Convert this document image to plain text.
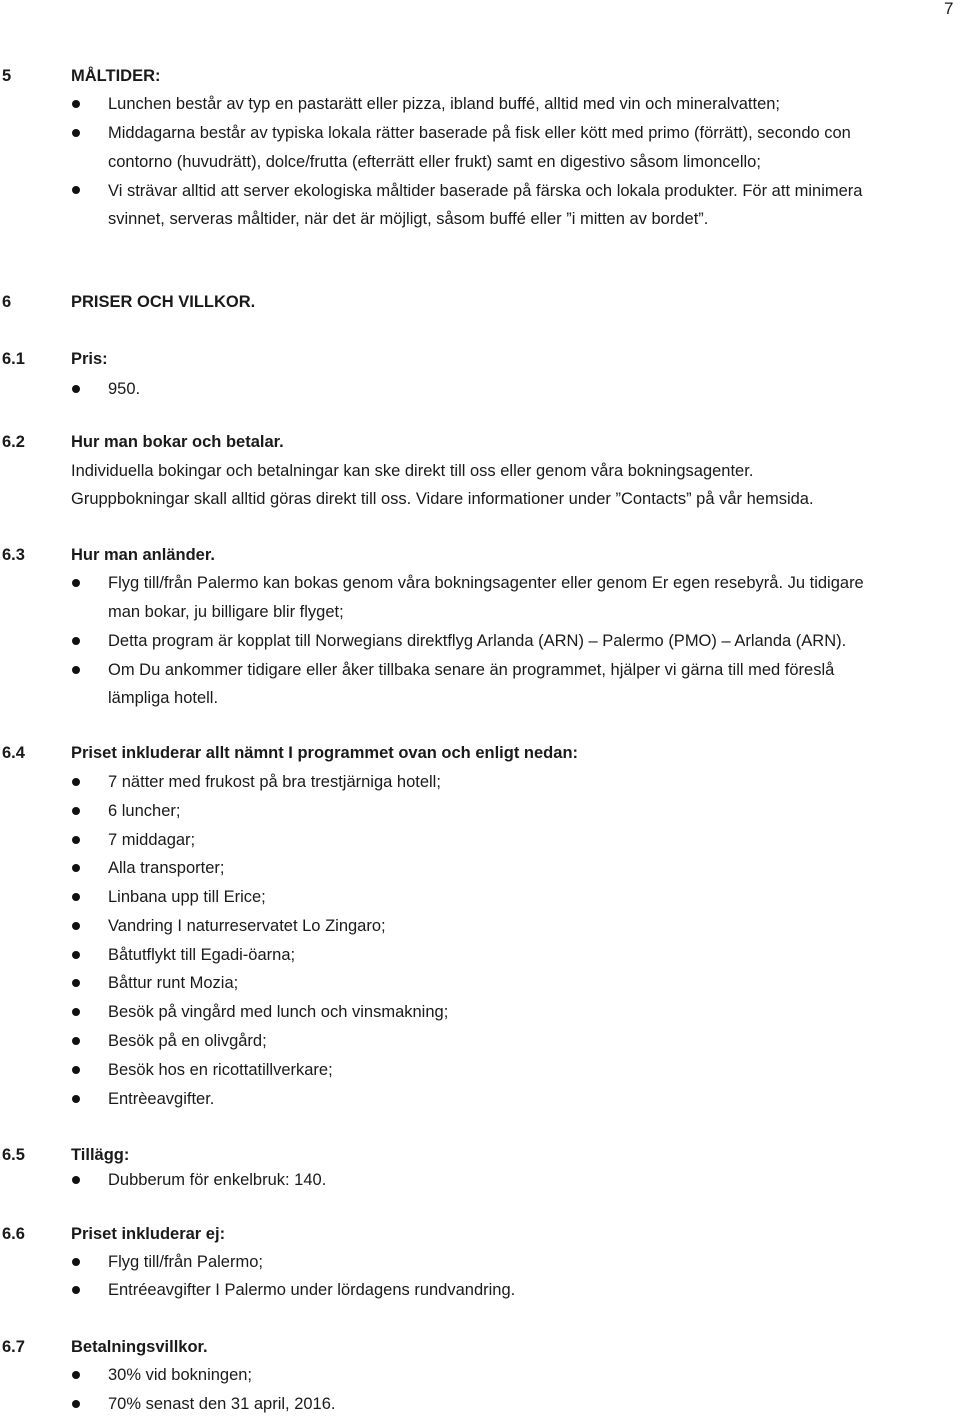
7
5	MÅLTIDER:
Lunchen består av typ en pastarätt eller pizza, ibland buffé, alltid med vin och mineralvatten;
Middagarna består av typiska lokala rätter baserade på fisk eller kött med primo (förrätt), secondo con
contorno (huvudrätt), dolce/frutta (efterrätt eller frukt) samt en digestivo såsom limoncello;
Vi strävar alltid att server ekologiska måltider baserade på färska och lokala produkter. För att minimera
svinnet, serveras måltider, när det är möjligt, såsom buffé eller ”i mitten av bordet”.
6	PRISER OCH VILLKOR.
6.1	Pris:
950.
6.2	Hur man bokar och betalar.
Individuella bokingar och betalningar kan ske direkt till oss eller genom våra bokningsagenter.
Gruppbokningar skall alltid göras direkt till oss. Vidare informationer under ”Contacts” på vår hemsida.
6.3	Hur man anländer.
Flyg till/från Palermo kan bokas genom våra bokningsagenter eller genom Er egen resebyrå. Ju tidigare
man bokar, ju billigare blir flyget;
Detta program är kopplat till Norwegians direktflyg Arlanda (ARN) – Palermo (PMO) – Arlanda (ARN).
Om Du ankommer tidigare eller åker tillbaka senare än programmet, hjälper vi gärna till med föreslå
lämpliga hotell.
6.4	Priset inkluderar allt nämnt I programmet ovan och enligt nedan:
7 nätter med frukost på bra trestjärniga hotell;
6 luncher;
7 middagar;
Alla transporter;
Linbana upp till Erice;
Vandring I naturreservatet Lo Zingaro;
Båtutflykt till Egadi-öarna;
Båttur runt Mozia;
Besök på vingård med lunch och vinsmakning;
Besök på en olivgård;
Besök hos en ricottatillverkare;
Entrèeavgifter.
6.5	Tillägg:
Dubberum för enkelbruk: 140.
6.6	Priset inkluderar ej:
Flyg till/från Palermo;
Entréeavgifter I Palermo under lördagens rundvandring.
6.7	Betalningsvillkor.
30% vid bokningen;
70% senast den 31 april, 2016.
